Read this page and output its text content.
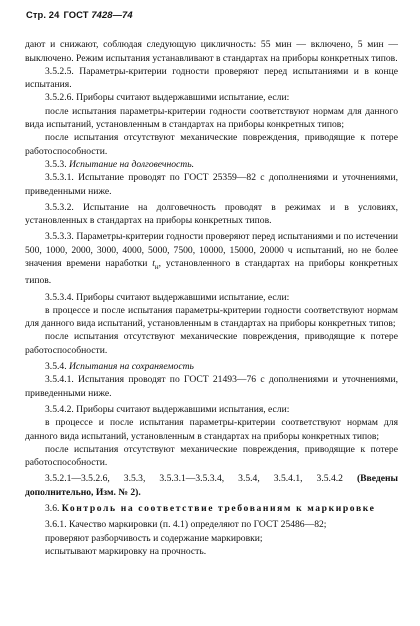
Стр. 24 ГОСТ 7428—74

дают и снижают, соблюдая следующую цикличность: 55 мин — включено, 5 мин — выключено. Режим испытания устанавливают в стандартах на приборы конкретных типов.

3.5.2.5. Параметры-критерии годности проверяют перед испытаниями и в конце испытания.

3.5.2.6. Приборы считают выдержавшими испытание, если:

после испытания параметры-критерии годности соответствуют нормам для данного вида испытаний, установленным в стандартах на приборы конкретных типов;

после испытания отсутствуют механические повреждения, приводящие к потере работоспособности.

3.5.3. Испытание на долговечность.

3.5.3.1. Испытание проводят по ГОСТ 25359—82 с дополнениями и уточнениями, приведенными ниже.

3.5.3.2. Испытание на долговечность проводят в режимах и в условиях, установленных в стандартах на приборы конкретных типов.

3.5.3.3. Параметры-критерии годности проверяют перед испытаниями и по истечении 500, 1000, 2000, 3000, 4000, 5000, 7500, 10000, 15000, 20000 ч испытаний, но не более значения времени наработки $t_н$, установленного в стандартах на приборы конкретных типов.

3.5.3.4. Приборы считают выдержавшими испытание, если:

в процессе и после испытания параметры-критерии годности соответствуют нормам для данного вида испытаний, установленным в стандартах на приборы конкретных типов;

после испытания отсутствуют механические повреждения, приводящие к потере работоспособности.

3.5.4. Испытания на сохраняемость

3.5.4.1. Испытания проводят по ГОСТ 21493—76 с дополнениями и уточнениями, приведенными ниже.

3.5.4.2. Приборы считают выдержавшими испытания, если:

в процессе и после испытания параметры-критерии соответствуют нормам для данного вида испытаний, установленным в стандартах на приборы конкретных типов;

после испытания отсутствуют механические повреждения, приводящие к потере работоспособности.

3.5.2.1—3.5.2.6, 3.5.3, 3.5.3.1—3.5.3.4, 3.5.4, 3.5.4.1, 3.5.4.2 (Введены дополнительно, Изм. № 2).

3.6. Контроль на соответствие требованиям к маркировке

3.6.1. Качество маркировки (п. 4.1) определяют по ГОСТ 25486—82;

проверяют разборчивость и содержание маркировки;

испытывают маркировку на прочность.
